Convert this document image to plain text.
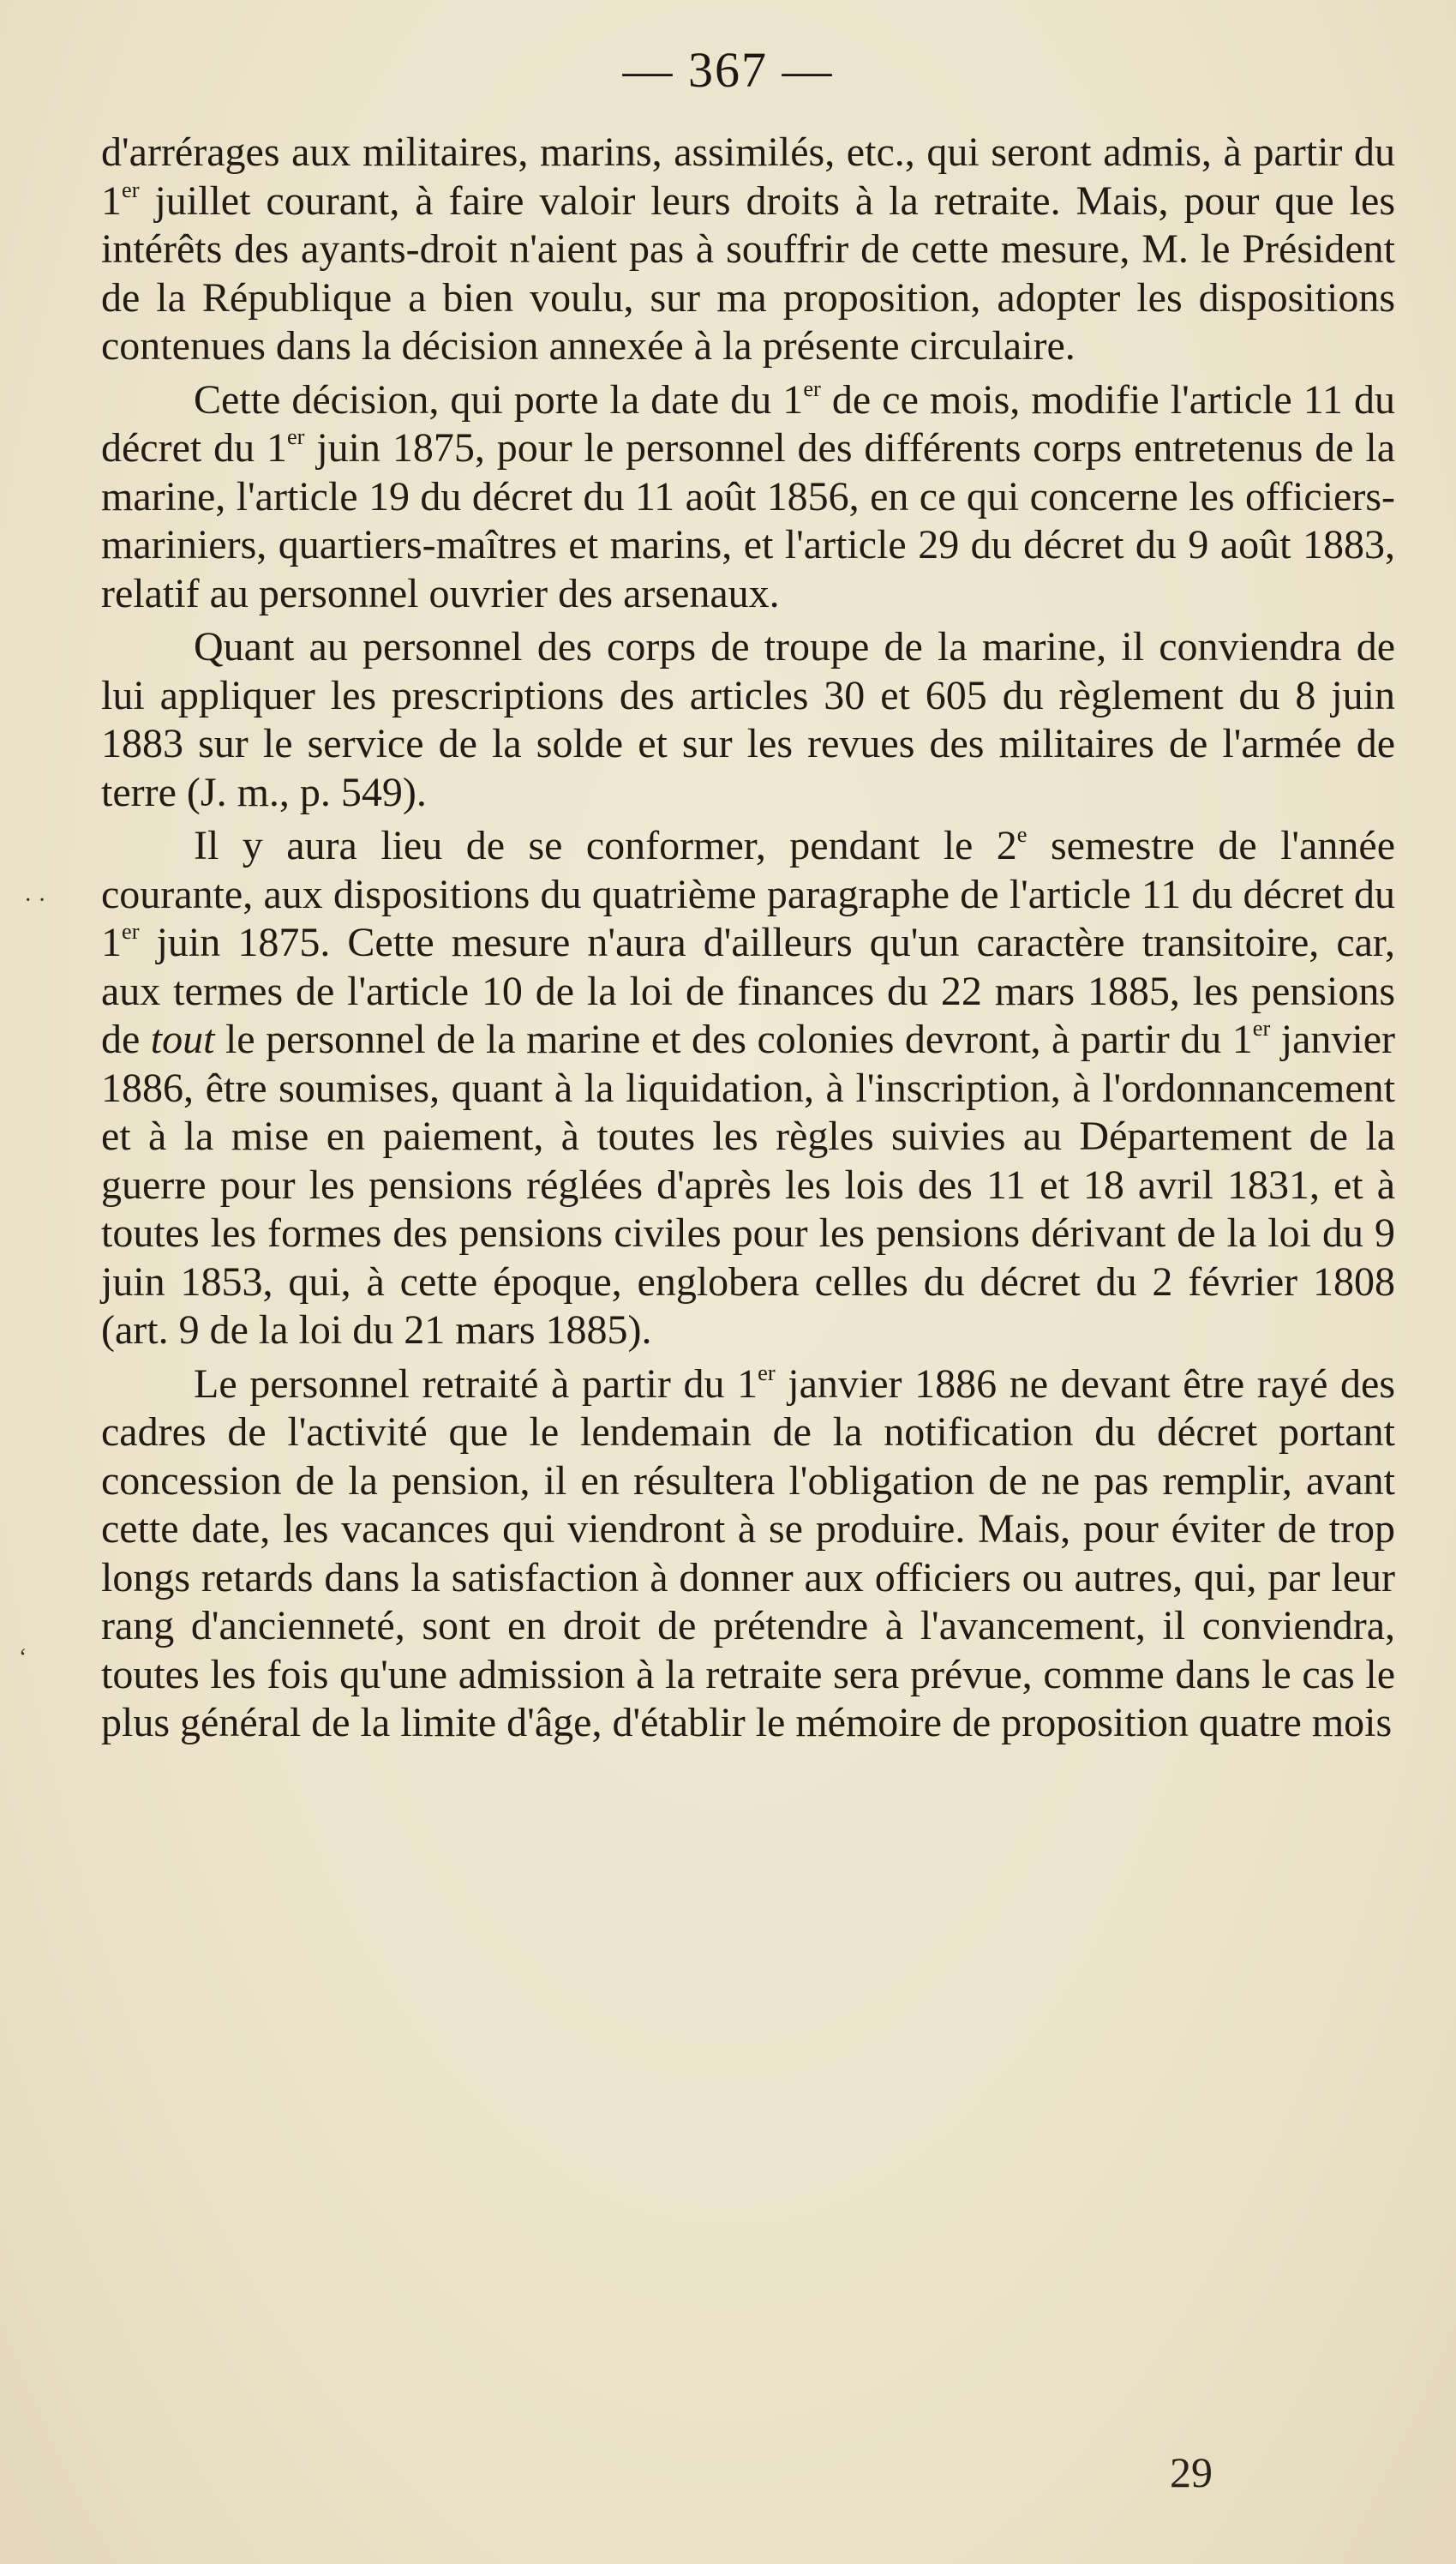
— 367 —

d'arrérages aux militaires, marins, assimilés, etc., qui seront admis, à partir du 1er juillet courant, à faire valoir leurs droits à la retraite. Mais, pour que les intérêts des ayants-droit n'aient pas à souffrir de cette mesure, M. le Président de la République a bien voulu, sur ma proposition, adopter les dispositions contenues dans la décision annexée à la présente circulaire.

Cette décision, qui porte la date du 1er de ce mois, modifie l'article 11 du décret du 1er juin 1875, pour le personnel des différents corps entretenus de la marine, l'article 19 du décret du 11 août 1856, en ce qui concerne les officiers-mariniers, quartiers-maîtres et marins, et l'article 29 du décret du 9 août 1883, relatif au personnel ouvrier des arsenaux.

Quant au personnel des corps de troupe de la marine, il conviendra de lui appliquer les prescriptions des articles 30 et 605 du règlement du 8 juin 1883 sur le service de la solde et sur les revues des militaires de l'armée de terre (J. m., p. 549).

Il y aura lieu de se conformer, pendant le 2e semestre de l'année courante, aux dispositions du quatrième paragraphe de l'article 11 du décret du 1er juin 1875. Cette mesure n'aura d'ailleurs qu'un caractère transitoire, car, aux termes de l'article 10 de la loi de finances du 22 mars 1885, les pensions de tout le personnel de la marine et des colonies devront, à partir du 1er janvier 1886, être soumises, quant à la liquidation, à l'inscription, à l'ordonnancement et à la mise en paiement, à toutes les règles suivies au Département de la guerre pour les pensions réglées d'après les lois des 11 et 18 avril 1831, et à toutes les formes des pensions civiles pour les pensions dérivant de la loi du 9 juin 1853, qui, à cette époque, englobera celles du décret du 2 février 1808 (art. 9 de la loi du 21 mars 1885).

Le personnel retraité à partir du 1er janvier 1886 ne devant être rayé des cadres de l'activité que le lendemain de la notification du décret portant concession de la pension, il en résultera l'obligation de ne pas remplir, avant cette date, les vacances qui viendront à se produire. Mais, pour éviter de trop longs retards dans la satisfaction à donner aux officiers ou autres, qui, par leur rang d'ancienneté, sont en droit de prétendre à l'avancement, il conviendra, toutes les fois qu'une admission à la retraite sera prévue, comme dans le cas le plus général de la limite d'âge, d'établir le mémoire de proposition quatre mois

· ·
‘
29
